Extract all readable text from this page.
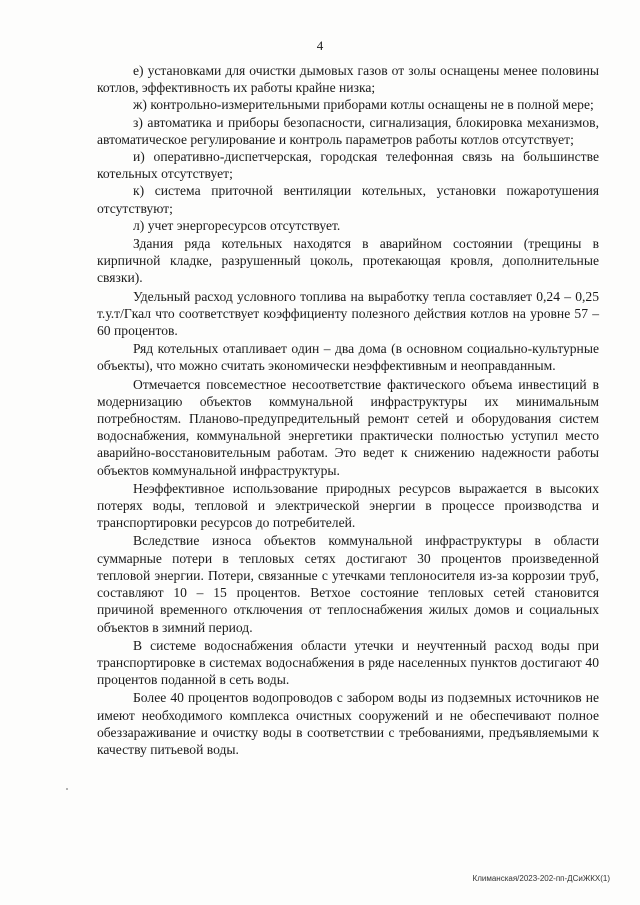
4

е) установками для очистки дымовых газов от золы оснащены менее половины котлов, эффективность их работы крайне низка;

ж) контрольно-измерительными приборами котлы оснащены не в полной мере;

з) автоматика и приборы безопасности, сигнализация, блокировка механизмов, автоматическое регулирование и контроль параметров работы котлов отсутствует;

и) оперативно-диспетчерская, городская телефонная связь на большинстве котельных отсутствует;

к) система приточной вентиляции котельных, установки пожаротушения отсутствуют;

л) учет энергоресурсов отсутствует.

Здания ряда котельных находятся в аварийном состоянии (трещины в кирпичной кладке, разрушенный цоколь, протекающая кровля, дополнительные связки).

Удельный расход условного топлива на выработку тепла составляет 0,24 – 0,25 т.у.т/Гкал что соответствует коэффициенту полезного действия котлов на уровне 57 – 60 процентов.

Ряд котельных отапливает один – два дома (в основном социально-культурные объекты), что можно считать экономически неэффективным и неоправданным.

Отмечается повсеместное несоответствие фактического объема инвестиций в модернизацию объектов коммунальной инфраструктуры их минимальным потребностям. Планово-предупредительный ремонт сетей и оборудования систем водоснабжения, коммунальной энергетики практически полностью уступил место аварийно-восстановительным работам. Это ведет к снижению надежности работы объектов коммунальной инфраструктуры.

Неэффективное использование природных ресурсов выражается в высоких потерях воды, тепловой и электрической энергии в процессе производства и транспортировки ресурсов до потребителей.

Вследствие износа объектов коммунальной инфраструктуры в области суммарные потери в тепловых сетях достигают 30 процентов произведенной тепловой энергии. Потери, связанные с утечками теплоносителя из-за коррозии труб, составляют 10 – 15 процентов. Ветхое состояние тепловых сетей становится причиной временного отключения от теплоснабжения жилых домов и социальных объектов в зимний период.

В системе водоснабжения области утечки и неучтенный расход воды при транспортировке в системах водоснабжения в ряде населенных пунктов достигают 40 процентов поданной в сеть воды.

Более 40 процентов водопроводов с забором воды из подземных источников не имеют необходимого комплекса очистных сооружений и не обеспечивают полное обеззараживание и очистку воды в соответствии с требованиями, предъявляемыми к качеству питьевой воды.

Климанская/2023-202-пп-ДСиЖКХ(1)
